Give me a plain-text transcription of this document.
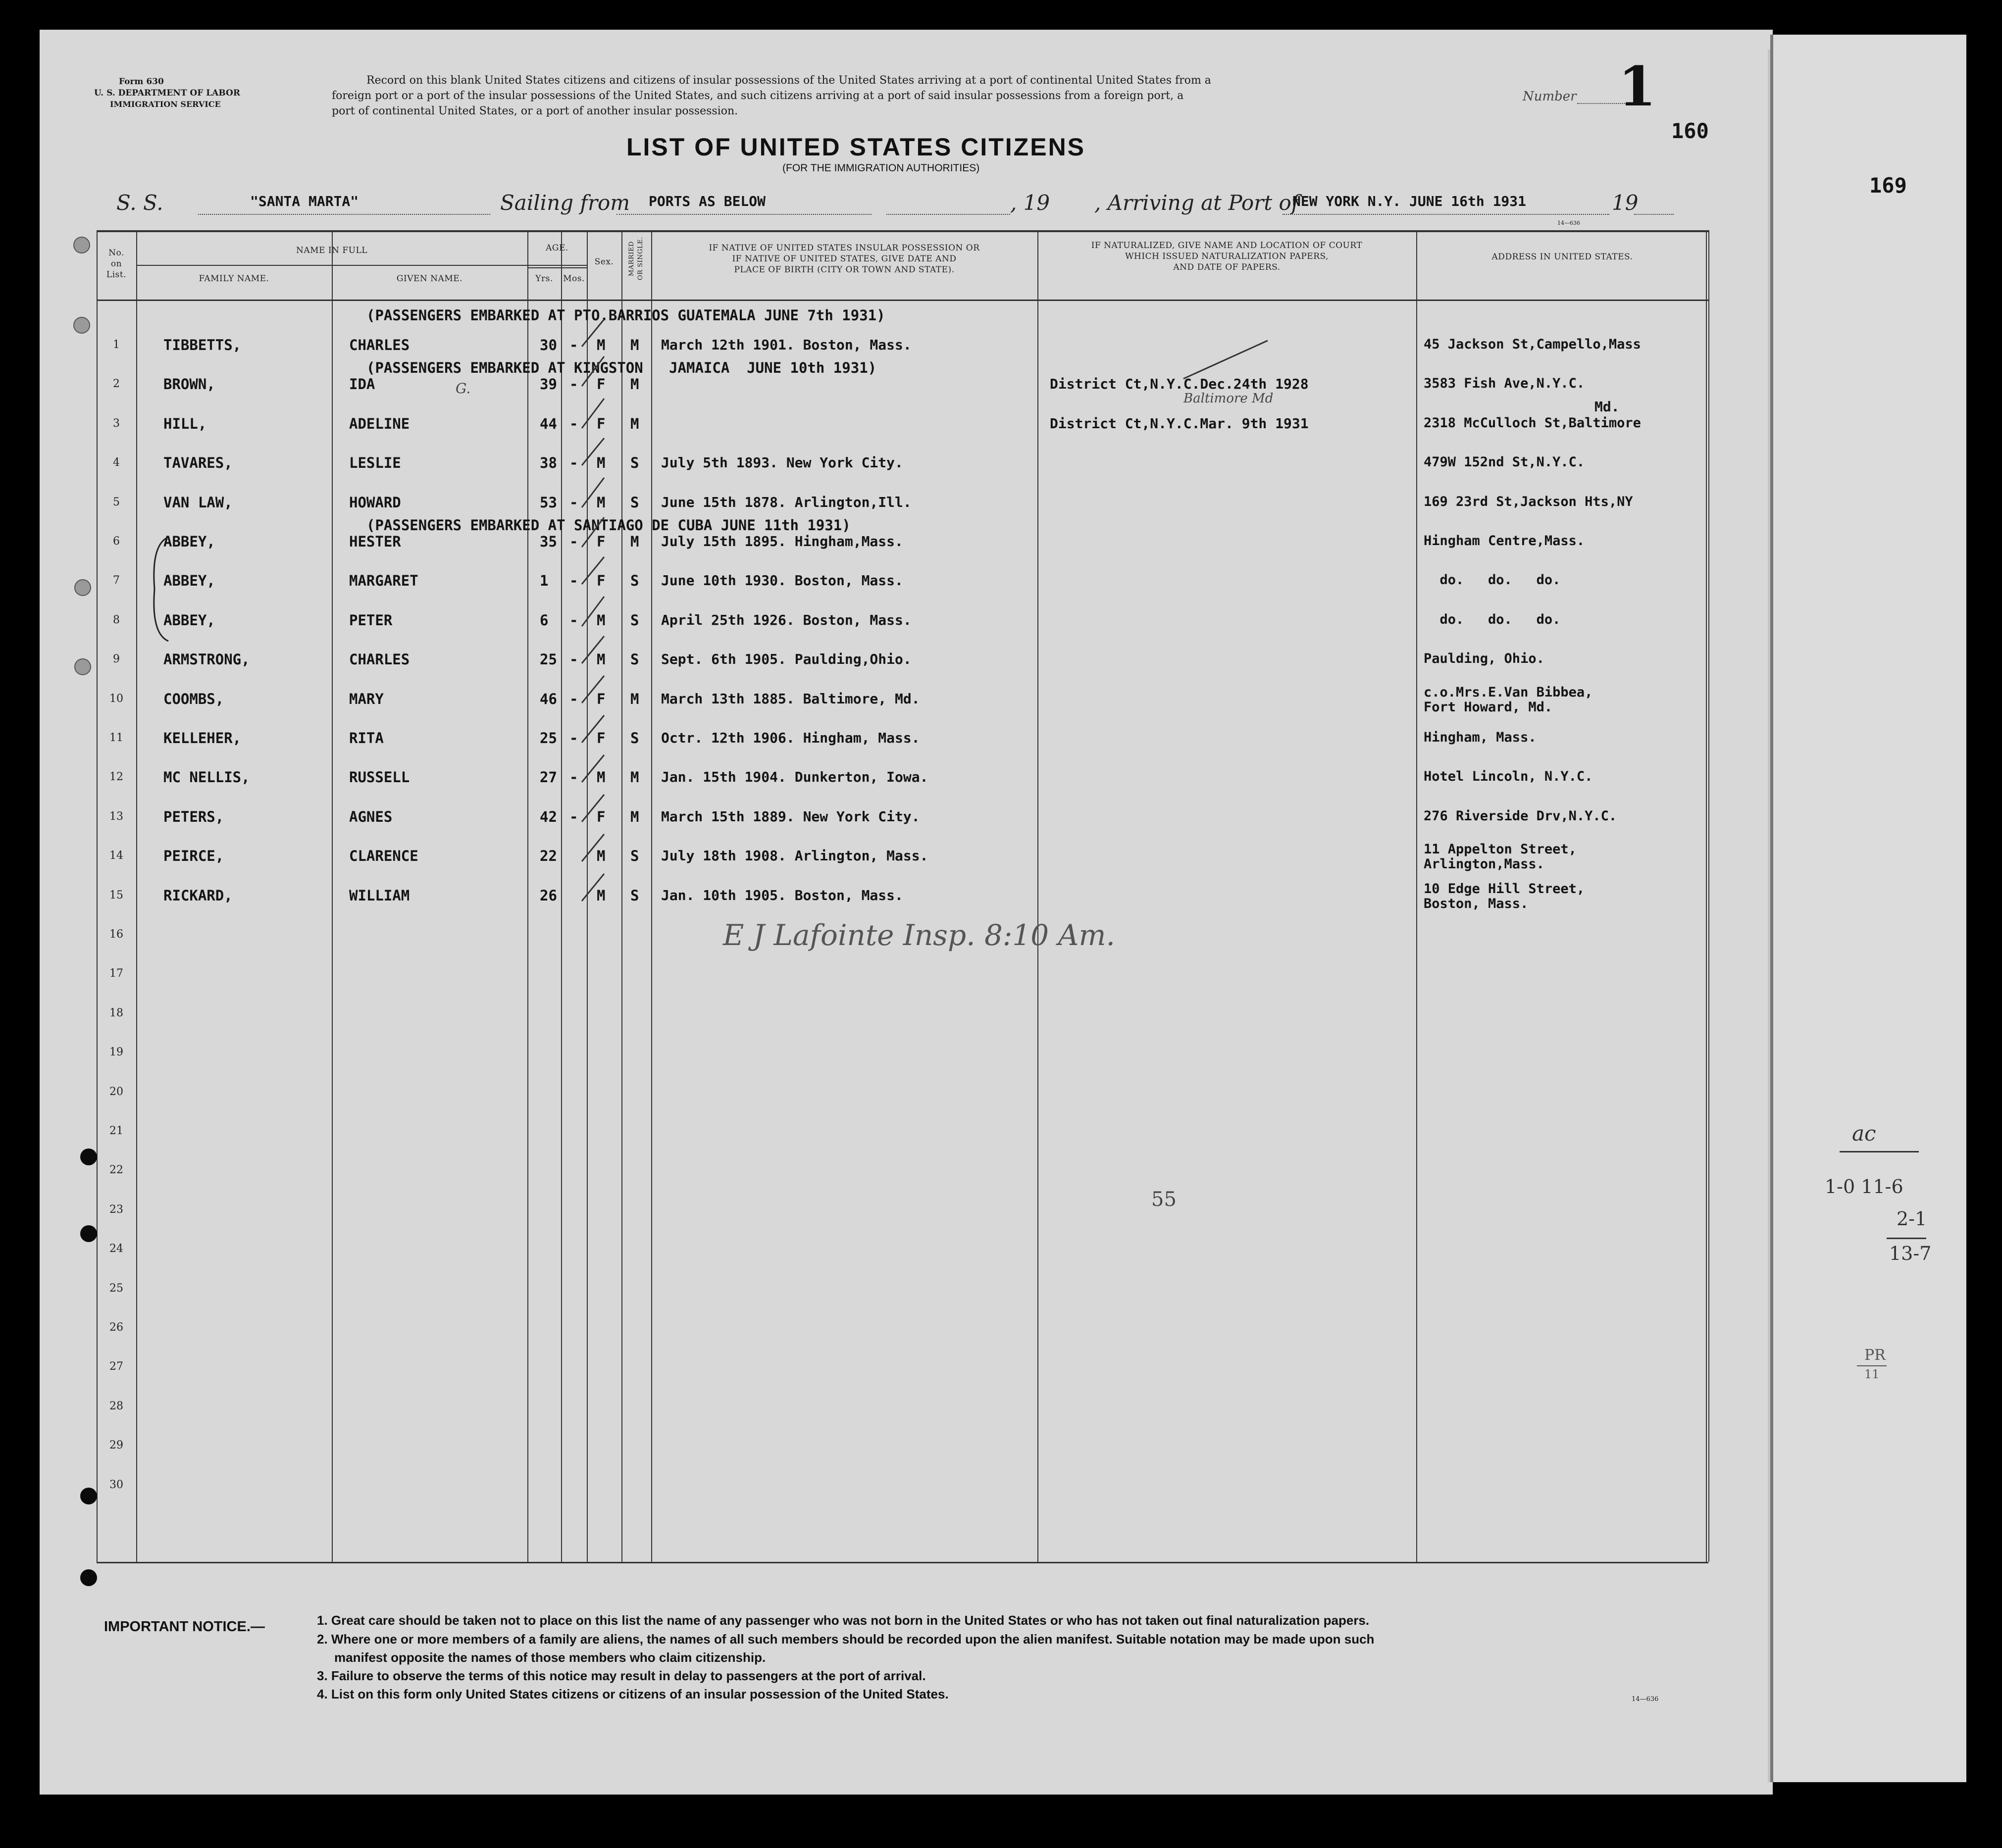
Form 630
U. S. DEPARTMENT OF LABOR
IMMIGRATION SERVICE
Record on this blank United States citizens and citizens of insular possessions of the United States arriving at a port of continental United States from a
foreign port or a port of the insular possessions of the United States, and such citizens arriving at a port of said insular possessions from a foreign port, a
port of continental United States, or a port of another insular possession.
Number 1
160
169
LIST OF UNITED STATES CITIZENS
(FOR THE IMMIGRATION AUTHORITIES)
S. S.	"SANTA MARTA"	Sailing from PORTS AS BELOW	, 19 , Arriving at Port of
NEW YORK N.Y. JUNE 16th 1931	19
14—636
No.
on
List.
NAME IN FULL
FAMILY NAME.	GIVEN NAME.
AGE.
Yrs.	Mos.
Sex.	MARRIED OR SINGLE.	IF NATIVE OF UNITED STATES INSULAR POSSESSION OR
IF NATIVE OF UNITED STATES, GIVE DATE AND
PLACE OF BIRTH (CITY OR TOWN AND STATE).
IF NATURALIZED, GIVE NAME AND LOCATION OF COURT
WHICH ISSUED NATURALIZATION PAPERS,
AND DATE OF PAPERS.
ADDRESS IN UNITED STATES.
1
2
3
4
5
6
7
8
9
10
11
12
13
14
15
16
17
18
19
20
21
22
23
24
25
26
27
28
29
30
TIBBETTS,	CHARLES	30 - M M March 12th 1901. Boston, Mass.	45 Jackson St,Campello,Mass
BROWN,	IDA	39 - F M	District Ct,N.Y.C.Dec.24th 1928	3583 Fish Ave,N.Y.C.
HILL,	ADELINE	44 - F M	District Ct,N.Y.C.Mar. 9th 1931	2318 McCulloch St,Baltimore
TAVARES,	LESLIE	38 - M S July 5th 1893. New York City.	479W 152nd St,N.Y.C.
VAN LAW,	HOWARD	53 - M S June 15th 1878. Arlington,Ill.	169 23rd St,Jackson Hts,NY
ABBEY,	HESTER	35 - F M July 15th 1895. Hingham,Mass.	Hingham Centre,Mass.
ABBEY,	MARGARET	1 - F S June 10th 1930. Boston, Mass.	do.   do.   do.
ABBEY,	PETER	6 - M S April 25th 1926. Boston, Mass.	do.   do.   do.
ARMSTRONG,	CHARLES	25 - M S Sept. 6th 1905. Paulding,Ohio.	Paulding, Ohio.
COOMBS,	MARY	46 - F M March 13th 1885. Baltimore, Md.	c.o.Mrs.E.Van Bibbea,
Fort Howard, Md.
KELLEHER,	RITA	25 - F S Octr. 12th 1906. Hingham, Mass.	Hingham, Mass.
MC NELLIS,	RUSSELL	27 - M M Jan. 15th 1904. Dunkerton, Iowa.	Hotel Lincoln, N.Y.C.
PETERS,	AGNES	42 - F M March 15th 1889. New York City.	276 Riverside Drv,N.Y.C.
PEIRCE,	CLARENCE	22	M S July 18th 1908. Arlington, Mass.	11 Appelton Street,
Arlington,Mass.
RICKARD,	WILLIAM	26	M S Jan. 10th 1905. Boston, Mass.	10 Edge Hill Street,
Boston, Mass.
(PASSENGERS EMBARKED AT PTO.BARRIOS GUATEMALA JUNE 7th 1931)
(PASSENGERS EMBARKED AT KINGSTON   JAMAICA  JUNE 10th 1931)
(PASSENGERS EMBARKED AT SANTIAGO DE CUBA JUNE 11th 1931)
Md.
Baltimore Md
G.
E J Lafointe Insp. 8:10 Am.
55
ac
1-0 11-6
2-1
13-7
PR
11
IMPORTANT NOTICE.—	1. Great care should be taken not to place on this list the name of any passenger who was not born in the United States or who has not taken out final naturalization papers.
2. Where one or more members of a family are aliens, the names of all such members should be recorded upon the alien manifest. Suitable notation may be made upon such
manifest opposite the names of those members who claim citizenship.
3. Failure to observe the terms of this notice may result in delay to passengers at the port of arrival.
4. List on this form only United States citizens or citizens of an insular possession of the United States.	14—636
